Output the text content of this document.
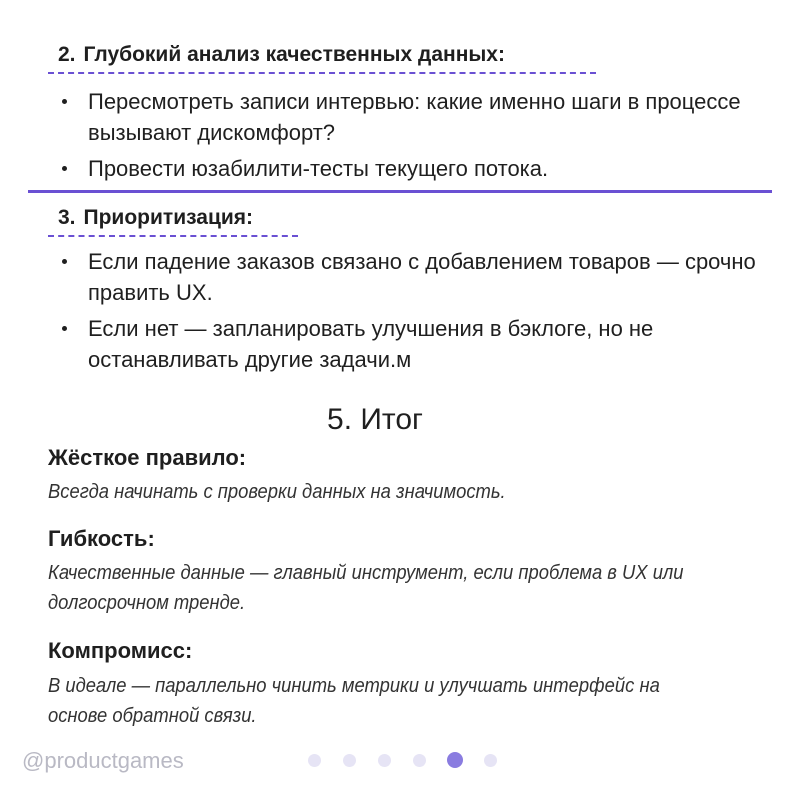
2. Глубокий анализ качественных данных:
Пересмотреть записи интервью: какие именно шаги в процессе вызывают дискомфорт?
Провести юзабилити-тесты текущего потока.
3. Приоритизация:
Если падение заказов связано с добавлением товаров — срочно править UX.
Если нет — запланировать улучшения в бэклоге, но не останавливать другие задачи.м
5. Итог
Жёсткое правило:
Всегда начинать с проверки данных на значимость.
Гибкость:
Качественные данные — главный инструмент, если проблема в UX или долгосрочном тренде.
Компромисс:
В идеале — параллельно чинить метрики и улучшать интерфейс на основе обратной связи.
@productgames
